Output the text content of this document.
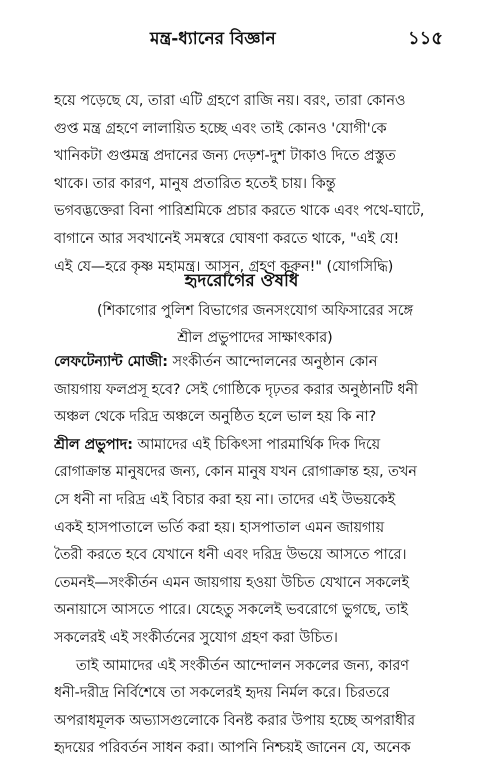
মন্ত্র-ধ্যানের বিজ্ঞান	১১৫
হয়ে পড়েছে যে, তারা এটি গ্রহণে রাজি নয়। বরং, তারা কোনও
গুপ্ত মন্ত্র গ্রহণে লালায়িত হচ্ছে এবং তাই কোনও 'যোগী'কে
খানিকটা গুপ্তমন্ত্র প্রদানের জন্য দেড়শ-দুশ টাকাও দিতে প্রস্তুত
থাকে। তার কারণ, মানুষ প্রতারিত হতেই চায়। কিন্তু
ভগবদ্ভক্তেরা বিনা পারিশ্রমিকে প্রচার করতে থাকে এবং পথে-ঘাটে,
বাগানে আর সবখানেই সমস্বরে ঘোষণা করতে থাকে, "এই যে!
এই যে—হরে কৃষ্ণ মহামন্ত্র। আসুন, গ্রহণ করুন!" (যোগসিদ্ধি)
হৃদরোগের ঔষধি
(শিকাগোর পুলিশ বিভাগের জনসংযোগ অফিসারের সঙ্গে
শ্রীল প্রভুপাদের সাক্ষাৎকার)
লেফটেন্যান্ট মোজী: সংকীর্তন আন্দোলনের অনুষ্ঠান কোন
জায়গায় ফলপ্রসূ হবে? সেই গোষ্ঠিকে দৃঢ়তর করার অনুষ্ঠানটি ধনী
অঞ্চল থেকে দরিদ্র অঞ্চলে অনুষ্ঠিত হলে ভাল হয় কি না?
শ্রীল প্রভুপাদ: আমাদের এই চিকিৎসা পারমার্থিক দিক দিয়ে
রোগাক্রান্ত মানুষদের জন্য, কোন মানুষ যখন রোগাক্রান্ত হয়, তখন
সে ধনী না দরিদ্র এই বিচার করা হয় না। তাদের এই উভয়কেই
একই হাসপাতালে ভর্তি করা হয়। হাসপাতাল এমন জায়গায়
তৈরী করতে হবে যেখানে ধনী এবং দরিদ্র উভয়ে আসতে পারে।
তেমনই—সংকীর্তন এমন জায়গায় হওয়া উচিত যেখানে সকলেই
অনায়াসে আসতে পারে। যেহেতু সকলেই ভবরোগে ভুগছে, তাই
সকলেরই এই সংকীর্তনের সুযোগ গ্রহণ করা উচিত।
তাই আমাদের এই সংকীর্তন আন্দোলন সকলের জন্য, কারণ
ধনী-দরীদ্র নির্বিশেষে তা সকলেরই হৃদয় নির্মল করে। চিরতরে
অপরাধমূলক অভ্যাসগুলোকে বিনষ্ট করার উপায় হচ্ছে অপরাধীর
হৃদয়ের পরিবর্তন সাধন করা। আপনি নিশ্চয়ই জানেন যে, অনেক
